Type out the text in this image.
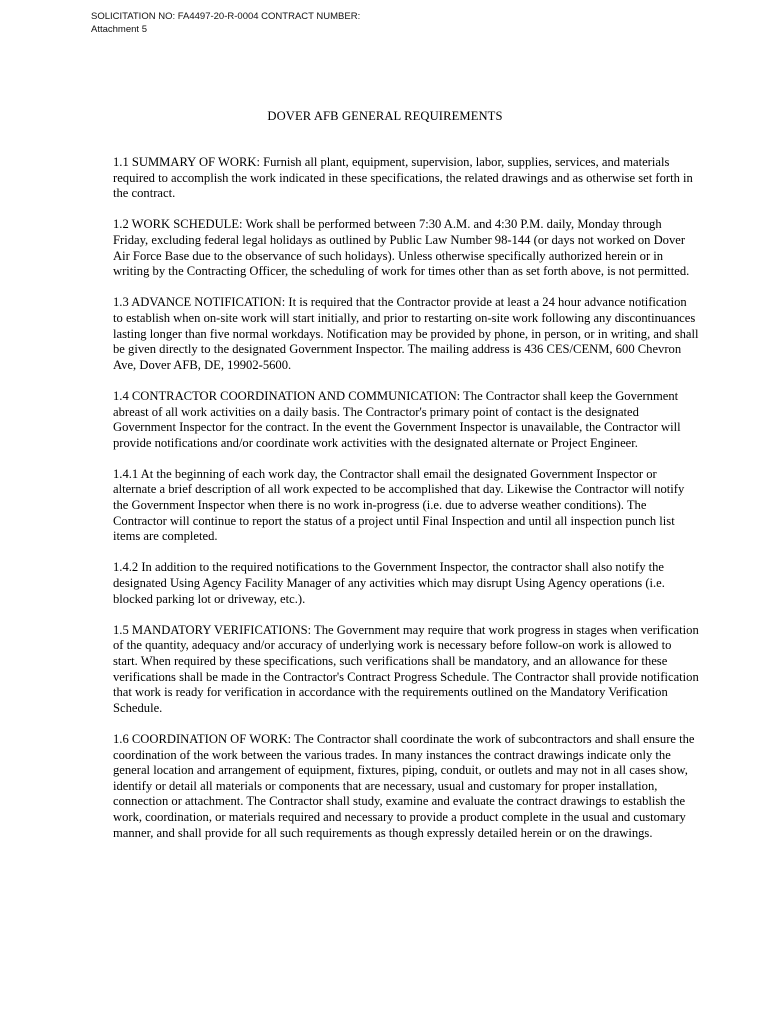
SOLICITATION NO: FA4497-20-R-0004 CONTRACT NUMBER:
Attachment 5
DOVER AFB GENERAL REQUIREMENTS

1.1 SUMMARY OF WORK: Furnish all plant, equipment, supervision, labor, supplies, services, and materials required to accomplish the work indicated in these specifications, the related drawings and as otherwise set forth in the contract.

1.2 WORK SCHEDULE: Work shall be performed between 7:30 A.M. and 4:30 P.M. daily, Monday through Friday, excluding federal legal holidays as outlined by Public Law Number 98-144 (or days not worked on Dover Air Force Base due to the observance of such holidays). Unless otherwise specifically authorized herein or in writing by the Contracting Officer, the scheduling of work for times other than as set forth above, is not permitted.

1.3 ADVANCE NOTIFICATION: It is required that the Contractor provide at least a 24 hour advance notification to establish when on-site work will start initially, and prior to restarting on-site work following any discontinuances lasting longer than five normal workdays. Notification may be provided by phone, in person, or in writing, and shall be given directly to the designated Government Inspector. The mailing address is 436 CES/CENM, 600 Chevron Ave, Dover AFB, DE, 19902-5600.

1.4 CONTRACTOR COORDINATION AND COMMUNICATION: The Contractor shall keep the Government abreast of all work activities on a daily basis. The Contractor's primary point of contact is the designated Government Inspector for the contract. In the event the Government Inspector is unavailable, the Contractor will provide notifications and/or coordinate work activities with the designated alternate or Project Engineer.

1.4.1 At the beginning of each work day, the Contractor shall email the designated Government Inspector or alternate a brief description of all work expected to be accomplished that day. Likewise the Contractor will notify the Government Inspector when there is no work in-progress (i.e. due to adverse weather conditions). The Contractor will continue to report the status of a project until Final Inspection and until all inspection punch list items are completed.

1.4.2 In addition to the required notifications to the Government Inspector, the contractor shall also notify the designated Using Agency Facility Manager of any activities which may disrupt Using Agency operations (i.e. blocked parking lot or driveway, etc.).

1.5 MANDATORY VERIFICATIONS: The Government may require that work progress in stages when verification of the quantity, adequacy and/or accuracy of underlying work is necessary before follow-on work is allowed to start. When required by these specifications, such verifications shall be mandatory, and an allowance for these verifications shall be made in the Contractor's Contract Progress Schedule. The Contractor shall provide notification that work is ready for verification in accordance with the requirements outlined on the Mandatory Verification Schedule.

1.6 COORDINATION OF WORK: The Contractor shall coordinate the work of subcontractors and shall ensure the coordination of the work between the various trades. In many instances the contract drawings indicate only the general location and arrangement of equipment, fixtures, piping, conduit, or outlets and may not in all cases show, identify or detail all materials or components that are necessary, usual and customary for proper installation, connection or attachment. The Contractor shall study, examine and evaluate the contract drawings to establish the work, coordination, or materials required and necessary to provide a product complete in the usual and customary manner, and shall provide for all such requirements as though expressly detailed herein or on the drawings.
